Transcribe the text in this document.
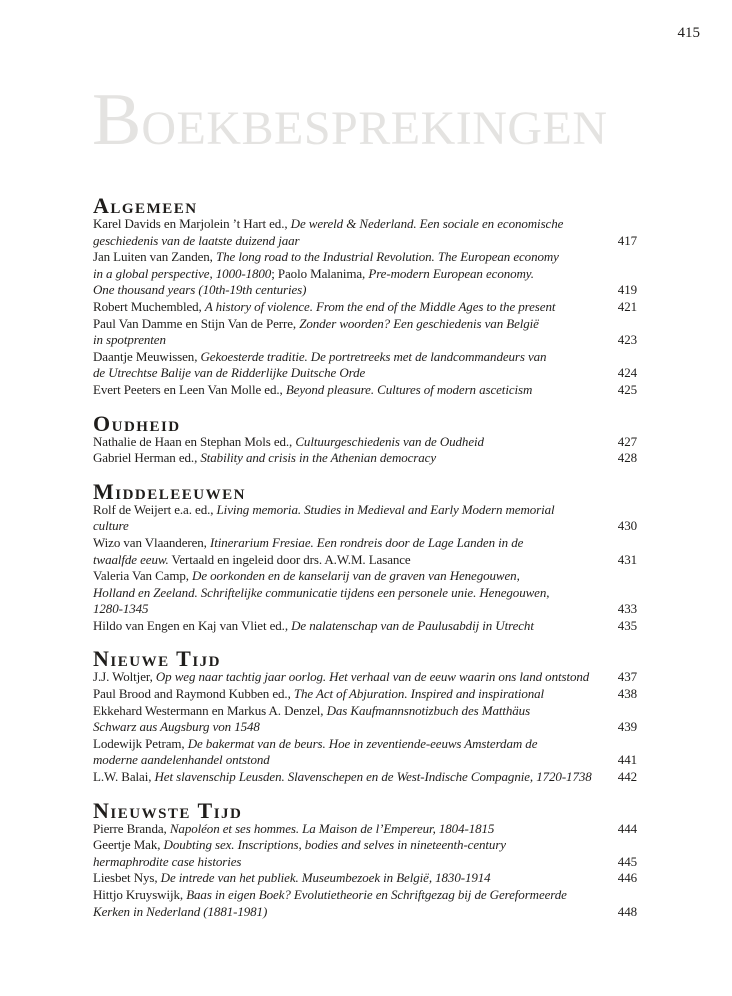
415
BOEKBESPREKINGEN
Algemeen
Karel Davids en Marjolein ’t Hart ed., De wereld & Nederland. Een sociale en economische
geschiedenis van de laatste duizend jaar	417
Jan Luiten van Zanden, The long road to the Industrial Revolution. The European economy
in a global perspective, 1000-1800; Paolo Malanima, Pre-modern European economy.
One thousand years (10th-19th centuries)	419
Robert Muchembled, A history of violence. From the end of the Middle Ages to the present	421
Paul Van Damme en Stijn Van de Perre, Zonder woorden? Een geschiedenis van België
in spotprenten	423
Daantje Meuwissen, Gekoesterde traditie. De portretreeks met de landcommandeurs van
de Utrechtse Balije van de Ridderlijke Duitsche Orde	424
Evert Peeters en Leen Van Molle ed., Beyond pleasure. Cultures of modern asceticism	425
Oudheid
Nathalie de Haan en Stephan Mols ed., Cultuurgeschiedenis van de Oudheid	427
Gabriel Herman ed., Stability and crisis in the Athenian democracy	428
Middeleeuwen
Rolf de Weijert e.a. ed., Living memoria. Studies in Medieval and Early Modern memorial
culture	430
Wizo van Vlaanderen, Itinerarium Fresiae. Een rondreis door de Lage Landen in de
twaalfde eeuw. Vertaald en ingeleid door drs. A.W.M. Lasance	431
Valeria Van Camp, De oorkonden en de kanselarij van de graven van Henegouwen,
Holland en Zeeland. Schriftelijke communicatie tijdens een personele unie. Henegouwen,
1280-1345	433
Hildo van Engen en Kaj van Vliet ed., De nalatenschap van de Paulusabdij in Utrecht	435
Nieuwe Tijd
J.J. Woltjer, Op weg naar tachtig jaar oorlog. Het verhaal van de eeuw waarin ons land ontstond	437
Paul Brood and Raymond Kubben ed., The Act of Abjuration. Inspired and inspirational	438
Ekkehard Westermann en Markus A. Denzel, Das Kaufmannsnotizbuch des Matthäus
Schwarz aus Augsburg von 1548	439
Lodewijk Petram, De bakermat van de beurs. Hoe in zeventiende-eeuws Amsterdam de
moderne aandelenhandel ontstond	441
L.W. Balai, Het slavenschip Leusden. Slavenschepen en de West-Indische Compagnie, 1720-1738	442
Nieuwste Tijd
Pierre Branda, Napoléon et ses hommes. La Maison de l’Empereur, 1804-1815	444
Geertje Mak, Doubting sex. Inscriptions, bodies and selves in nineteenth-century
hermaphrodite case histories	445
Liesbet Nys, De intrede van het publiek. Museumbezoek in België, 1830-1914	446
Hittjo Kruyswijk, Baas in eigen Boek? Evolutietheorie en Schriftgezag bij de Gereformeerde
Kerken in Nederland (1881-1981)	448
